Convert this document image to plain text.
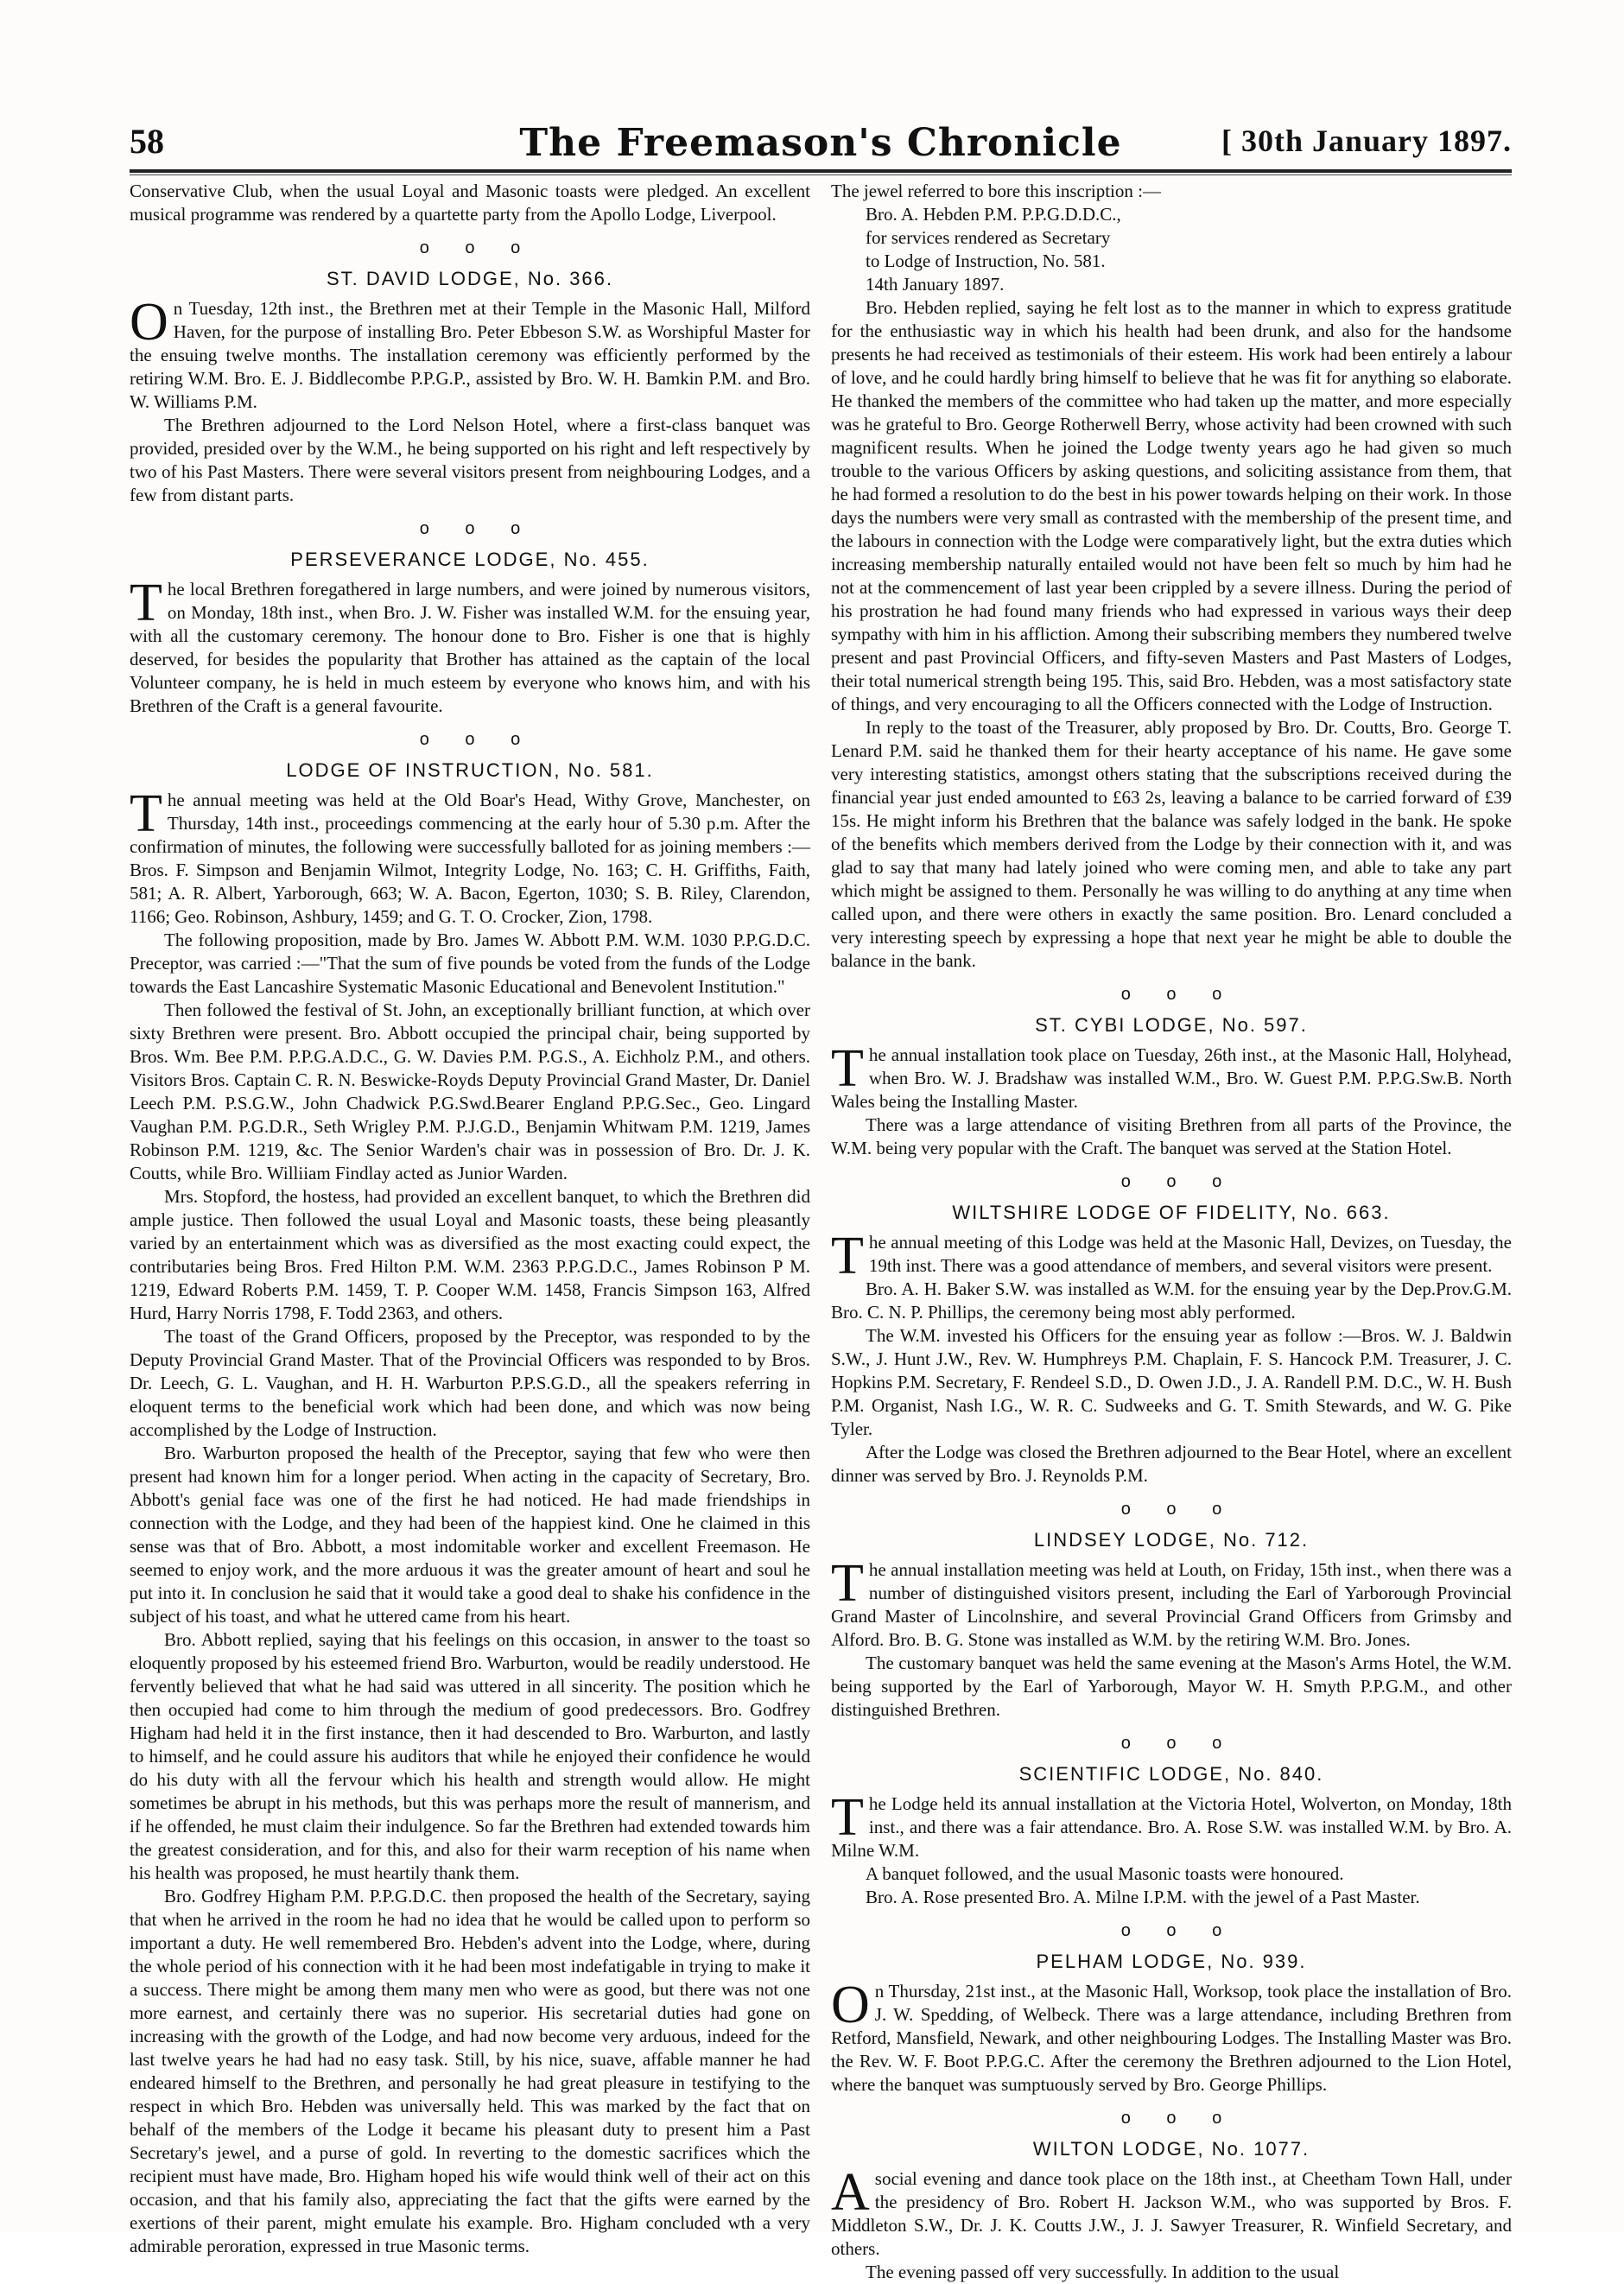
58	The Freemason's Chronicle	[ 30th January 1897.

Conservative Club, when the usual Loyal and Masonic toasts were pledged. An excellent musical programme was rendered by a quartette party from the Apollo Lodge, Liverpool.

o o o
ST. DAVID LODGE, No. 366.

On Tuesday, 12th inst., the Brethren met at their Temple in the Masonic Hall, Milford Haven, for the purpose of installing Bro. Peter Ebbeson S.W. as Worshipful Master for the ensuing twelve months. The installation ceremony was efficiently performed by the retiring W.M. Bro. E. J. Biddlecombe P.P.G.P., assisted by Bro. W. H. Bamkin P.M. and Bro. W. Williams P.M.

The Brethren adjourned to the Lord Nelson Hotel, where a first-class banquet was provided, presided over by the W.M., he being supported on his right and left respectively by two of his Past Masters. There were several visitors present from neighbouring Lodges, and a few from distant parts.

o o o
PERSEVERANCE LODGE, No. 455.

The local Brethren foregathered in large numbers, and were joined by numerous visitors, on Monday, 18th inst., when Bro. J. W. Fisher was installed W.M. for the ensuing year, with all the customary ceremony. The honour done to Bro. Fisher is one that is highly deserved, for besides the popularity that Brother has attained as the captain of the local Volunteer company, he is held in much esteem by everyone who knows him, and with his Brethren of the Craft is a general favourite.

o o o
LODGE OF INSTRUCTION, No. 581.

The annual meeting was held at the Old Boar's Head, Withy Grove, Manchester, on Thursday, 14th inst., proceedings commencing at the early hour of 5.30 p.m. After the confirmation of minutes, the following were successfully balloted for as joining members :—Bros. F. Simpson and Benjamin Wilmot, Integrity Lodge, No. 163; C. H. Griffiths, Faith, 581; A. R. Albert, Yarborough, 663; W. A. Bacon, Egerton, 1030; S. B. Riley, Clarendon, 1166; Geo. Robinson, Ashbury, 1459; and G. T. O. Crocker, Zion, 1798.

The following proposition, made by Bro. James W. Abbott P.M. W.M. 1030 P.P.G.D.C. Preceptor, was carried :—"That the sum of five pounds be voted from the funds of the Lodge towards the East Lancashire Systematic Masonic Educational and Benevolent Institution."

Then followed the festival of St. John, an exceptionally brilliant function, at which over sixty Brethren were present. Bro. Abbott occupied the principal chair, being supported by Bros. Wm. Bee P.M. P.P.G.A.D.C., G. W. Davies P.M. P.G.S., A. Eichholz P.M., and others. Visitors Bros. Captain C. R. N. Beswicke-Royds Deputy Provincial Grand Master, Dr. Daniel Leech P.M. P.S.G.W., John Chadwick P.G.Swd.Bearer England P.P.G.Sec., Geo. Lingard Vaughan P.M. P.G.D.R., Seth Wrigley P.M. P.J.G.D., Benjamin Whitwam P.M. 1219, James Robinson P.M. 1219, &c. The Senior Warden's chair was in possession of Bro. Dr. J. K. Coutts, while Bro. Williiam Findlay acted as Junior Warden.

Mrs. Stopford, the hostess, had provided an excellent banquet, to which the Brethren did ample justice. Then followed the usual Loyal and Masonic toasts, these being pleasantly varied by an entertainment which was as diversified as the most exacting could expect, the contributaries being Bros. Fred Hilton P.M. W.M. 2363 P.P.G.D.C., James Robinson P M. 1219, Edward Roberts P.M. 1459, T. P. Cooper W.M. 1458, Francis Simpson 163, Alfred Hurd, Harry Norris 1798, F. Todd 2363, and others.

The toast of the Grand Officers, proposed by the Preceptor, was responded to by the Deputy Provincial Grand Master. That of the Provincial Officers was responded to by Bros. Dr. Leech, G. L. Vaughan, and H. H. Warburton P.P.S.G.D., all the speakers referring in eloquent terms to the beneficial work which had been done, and which was now being accomplished by the Lodge of Instruction.

Bro. Warburton proposed the health of the Preceptor, saying that few who were then present had known him for a longer period. When acting in the capacity of Secretary, Bro. Abbott's genial face was one of the first he had noticed. He had made friendships in connection with the Lodge, and they had been of the happiest kind. One he claimed in this sense was that of Bro. Abbott, a most indomitable worker and excellent Freemason. He seemed to enjoy work, and the more arduous it was the greater amount of heart and soul he put into it. In conclusion he said that it would take a good deal to shake his confidence in the subject of his toast, and what he uttered came from his heart.

Bro. Abbott replied, saying that his feelings on this occasion, in answer to the toast so eloquently proposed by his esteemed friend Bro. Warburton, would be readily understood. He fervently believed that what he had said was uttered in all sincerity. The position which he then occupied had come to him through the medium of good predecessors. Bro. Godfrey Higham had held it in the first instance, then it had descended to Bro. Warburton, and lastly to himself, and he could assure his auditors that while he enjoyed their confidence he would do his duty with all the fervour which his health and strength would allow. He might sometimes be abrupt in his methods, but this was perhaps more the result of mannerism, and if he offended, he must claim their indulgence. So far the Brethren had extended towards him the greatest consideration, and for this, and also for their warm reception of his name when his health was proposed, he must heartily thank them.

Bro. Godfrey Higham P.M. P.P.G.D.C. then proposed the health of the Secretary, saying that when he arrived in the room he had no idea that he would be called upon to perform so important a duty. He well remembered Bro. Hebden's advent into the Lodge, where, during the whole period of his connection with it he had been most indefatigable in trying to make it a success. There might be among them many men who were as good, but there was not one more earnest, and certainly there was no superior. His secretarial duties had gone on increasing with the growth of the Lodge, and had now become very arduous, indeed for the last twelve years he had had no easy task. Still, by his nice, suave, affable manner he had endeared himself to the Brethren, and personally he had great pleasure in testifying to the respect in which Bro. Hebden was universally held. This was marked by the fact that on behalf of the members of the Lodge it became his pleasant duty to present him a Past Secretary's jewel, and a purse of gold. In reverting to the domestic sacrifices which the recipient must have made, Bro. Higham hoped his wife would think well of their act on this occasion, and that his family also, appreciating the fact that the gifts were earned by the exertions of their parent, might emulate his example. Bro. Higham concluded wth a very admirable peroration, expressed in true Masonic terms.

The jewel referred to bore this inscription :—

Bro. A. Hebden P.M. P.P.G.D.D.C.,

for services rendered as Secretary

to Lodge of Instruction, No. 581.

14th January 1897.

Bro. Hebden replied, saying he felt lost as to the manner in which to express gratitude for the enthusiastic way in which his health had been drunk, and also for the handsome presents he had received as testimonials of their esteem. His work had been entirely a labour of love, and he could hardly bring himself to believe that he was fit for anything so elaborate. He thanked the members of the committee who had taken up the matter, and more especially was he grateful to Bro. George Rotherwell Berry, whose activity had been crowned with such magnificent results. When he joined the Lodge twenty years ago he had given so much trouble to the various Officers by asking questions, and soliciting assistance from them, that he had formed a resolution to do the best in his power towards helping on their work. In those days the numbers were very small as contrasted with the membership of the present time, and the labours in connection with the Lodge were comparatively light, but the extra duties which increasing membership naturally entailed would not have been felt so much by him had he not at the commencement of last year been crippled by a severe illness. During the period of his prostration he had found many friends who had expressed in various ways their deep sympathy with him in his affliction. Among their subscribing members they numbered twelve present and past Provincial Officers, and fifty-seven Masters and Past Masters of Lodges, their total numerical strength being 195. This, said Bro. Hebden, was a most satisfactory state of things, and very encouraging to all the Officers connected with the Lodge of Instruction.

In reply to the toast of the Treasurer, ably proposed by Bro. Dr. Coutts, Bro. George T. Lenard P.M. said he thanked them for their hearty acceptance of his name. He gave some very interesting statistics, amongst others stating that the subscriptions received during the financial year just ended amounted to £63 2s, leaving a balance to be carried forward of £39 15s. He might inform his Brethren that the balance was safely lodged in the bank. He spoke of the benefits which members derived from the Lodge by their connection with it, and was glad to say that many had lately joined who were coming men, and able to take any part which might be assigned to them. Personally he was willing to do anything at any time when called upon, and there were others in exactly the same position. Bro. Lenard concluded a very interesting speech by expressing a hope that next year he might be able to double the balance in the bank.

o o o
ST. CYBI LODGE, No. 597.

The annual installation took place on Tuesday, 26th inst., at the Masonic Hall, Holyhead, when Bro. W. J. Bradshaw was installed W.M., Bro. W. Guest P.M. P.P.G.Sw.B. North Wales being the Installing Master.

There was a large attendance of visiting Brethren from all parts of the Province, the W.M. being very popular with the Craft. The banquet was served at the Station Hotel.

o o o
WILTSHIRE LODGE OF FIDELITY, No. 663.

The annual meeting of this Lodge was held at the Masonic Hall, Devizes, on Tuesday, the 19th inst. There was a good attendance of members, and several visitors were present.

Bro. A. H. Baker S.W. was installed as W.M. for the ensuing year by the Dep.Prov.G.M. Bro. C. N. P. Phillips, the ceremony being most ably performed.

The W.M. invested his Officers for the ensuing year as follow :—Bros. W. J. Baldwin S.W., J. Hunt J.W., Rev. W. Humphreys P.M. Chaplain, F. S. Hancock P.M. Treasurer, J. C. Hopkins P.M. Secretary, F. Rendeel S.D., D. Owen J.D., J. A. Randell P.M. D.C., W. H. Bush P.M. Organist, Nash I.G., W. R. C. Sudweeks and G. T. Smith Stewards, and W. G. Pike Tyler.

After the Lodge was closed the Brethren adjourned to the Bear Hotel, where an excellent dinner was served by Bro. J. Reynolds P.M.

o o o
LINDSEY LODGE, No. 712.

The annual installation meeting was held at Louth, on Friday, 15th inst., when there was a number of distinguished visitors present, including the Earl of Yarborough Provincial Grand Master of Lincolnshire, and several Provincial Grand Officers from Grimsby and Alford. Bro. B. G. Stone was installed as W.M. by the retiring W.M. Bro. Jones.

The customary banquet was held the same evening at the Mason's Arms Hotel, the W.M. being supported by the Earl of Yarborough, Mayor W. H. Smyth P.P.G.M., and other distinguished Brethren.

o o o
SCIENTIFIC LODGE, No. 840.

The Lodge held its annual installation at the Victoria Hotel, Wolverton, on Monday, 18th inst., and there was a fair attendance. Bro. A. Rose S.W. was installed W.M. by Bro. A. Milne W.M.

A banquet followed, and the usual Masonic toasts were honoured.

Bro. A. Rose presented Bro. A. Milne I.P.M. with the jewel of a Past Master.

o o o
PELHAM LODGE, No. 939.

On Thursday, 21st inst., at the Masonic Hall, Worksop, took place the installation of Bro. J. W. Spedding, of Welbeck. There was a large attendance, including Brethren from Retford, Mansfield, Newark, and other neighbouring Lodges. The Installing Master was Bro. the Rev. W. F. Boot P.P.G.C. After the ceremony the Brethren adjourned to the Lion Hotel, where the banquet was sumptuously served by Bro. George Phillips.

o o o
WILTON LODGE, No. 1077.

Asocial evening and dance took place on the 18th inst., at Cheetham Town Hall, under the presidency of Bro. Robert H. Jackson W.M., who was supported by Bros. F. Middleton S.W., Dr. J. K. Coutts J.W., J. J. Sawyer Treasurer, R. Winfield Secretary, and others.

The evening passed off very successfully. In addition to the usual
